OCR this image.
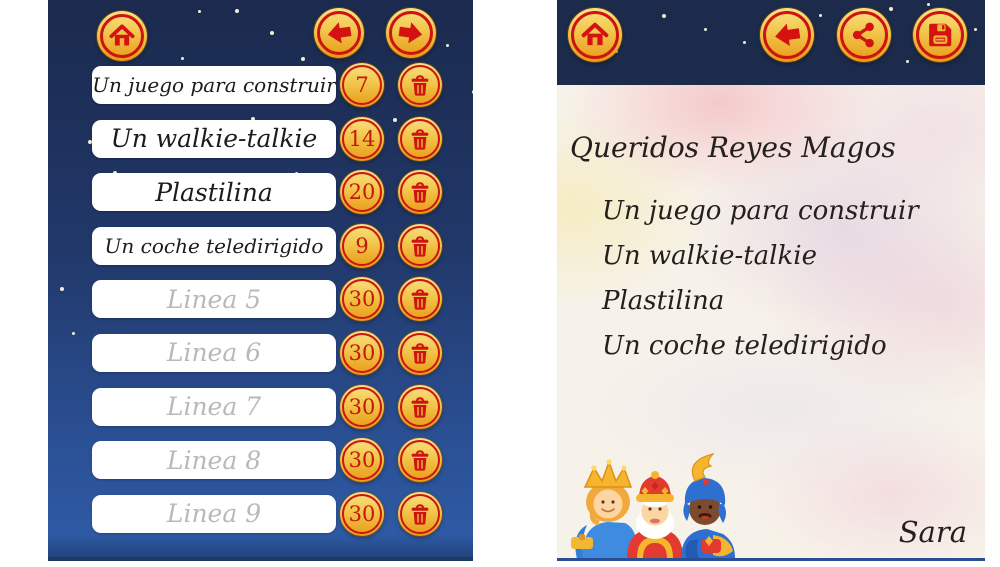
Un juego para construir
7
Un walkie-talkie
14
Plastilina
20
Un coche teledirigido
9
Linea 5
30
Linea 6
30
Linea 7
30
Linea 8
30
Linea 9
30
Queridos Reyes Magos
Un juego para construir
Un walkie-talkie
Plastilina
Un coche teledirigido
Sara
